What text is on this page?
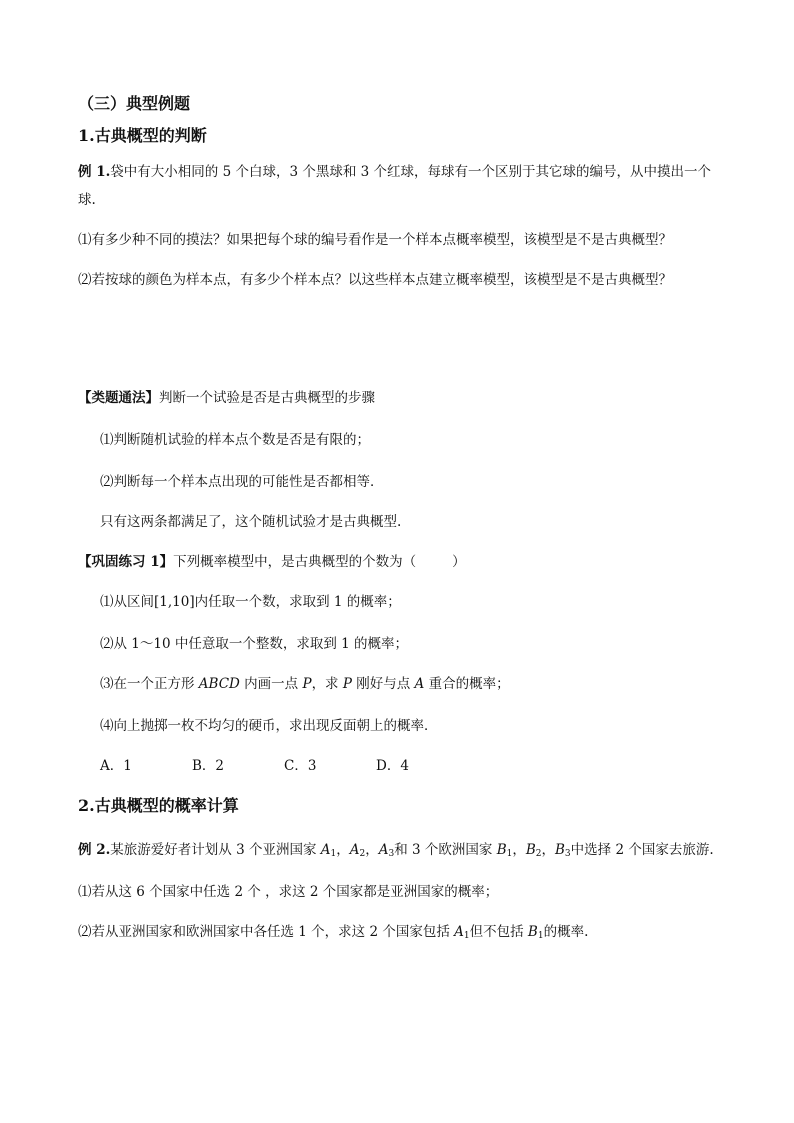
（三）典型例题
1.古典概型的判断
例 1.袋中有大小相同的 5 个白球，3 个黑球和 3 个红球，每球有一个区别于其它球的编号，从中摸出一个
球.
⑴有多少种不同的摸法？如果把每个球的编号看作是一个样本点概率模型，该模型是不是古典概型？
⑵若按球的颜色为样本点，有多少个样本点？以这些样本点建立概率模型，该模型是不是古典概型？
【类题通法】判断一个试验是否是古典概型的步骤
⑴判断随机试验的样本点个数是否是有限的；
⑵判断每一个样本点出现的可能性是否都相等．
只有这两条都满足了，这个随机试验才是古典概型.
【巩固练习 1】下列概率模型中，是古典概型的个数为（	）
⑴从区间[1,10]内任取一个数，求取到 1 的概率；
⑵从 1～10 中任意取一个整数，求取到 1 的概率；
⑶在一个正方形 ABCD 内画一点 P，求 P 刚好与点 A 重合的概率；
⑷向上抛掷一枚不均匀的硬币，求出现反面朝上的概率．
A．1	B．2	C．3	D．4
2.古典概型的概率计算
例 2.某旅游爱好者计划从 3 个亚洲国家 $A_1$，$A_2$，$A_3$和 3 个欧洲国家 $B_1$，$B_2$，$B_3$中选择 2 个国家去旅游.
⑴若从这 6 个国家中任选 2 个 ，求这 2 个国家都是亚洲国家的概率；
⑵若从亚洲国家和欧洲国家中各任选 1 个，求这 2 个国家包括 $A_1$但不包括 $B_1$的概率.
